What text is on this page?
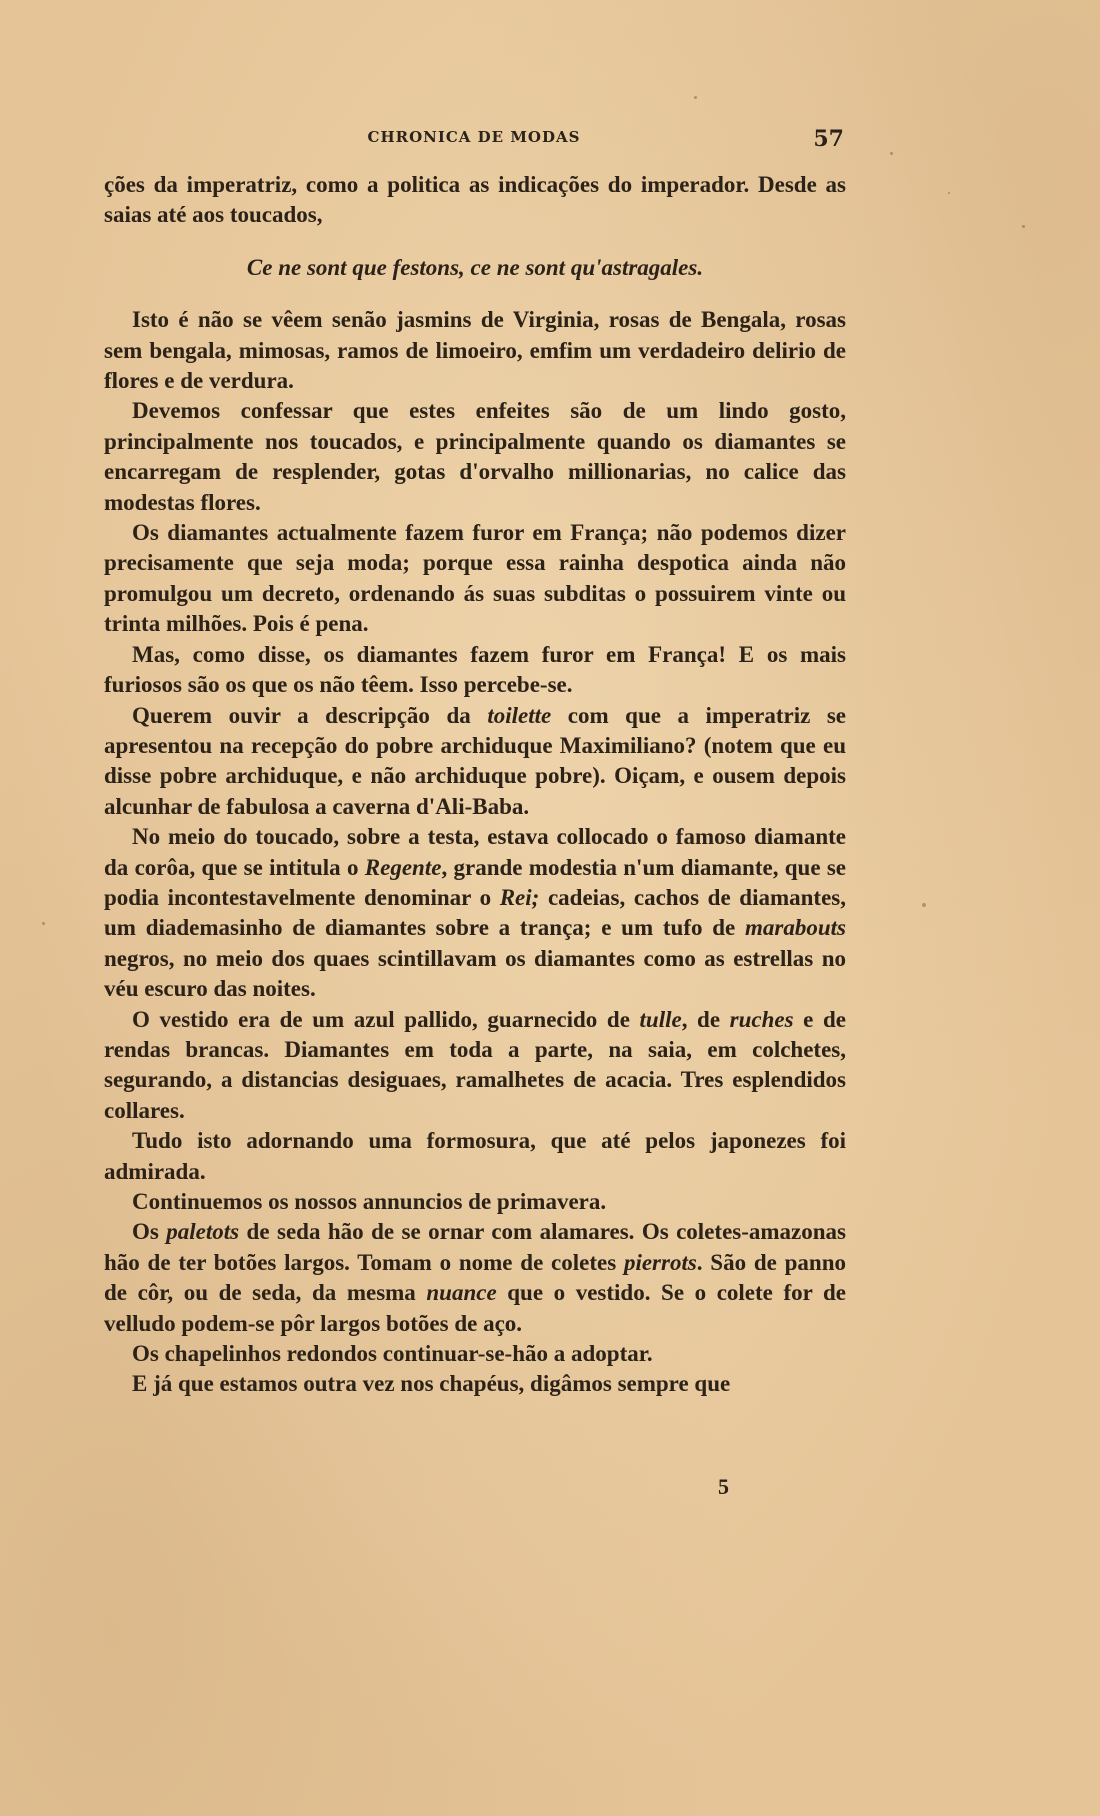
CHRONICA DE MODAS	57

ções da imperatriz, como a politica as indicações do imperador. Desde as saias até aos toucados,

Ce ne sont que festons, ce ne sont qu'astragales.

Isto é não se vêem senão jasmins de Virginia, rosas de Bengala, rosas sem bengala, mimosas, ramos de limoeiro, emfim um verdadeiro delirio de flores e de verdura.

Devemos confessar que estes enfeites são de um lindo gosto, principalmente nos toucados, e principalmente quando os diamantes se encarregam de resplender, gotas d'orvalho millionarias, no calice das modestas flores.

Os diamantes actualmente fazem furor em França; não podemos dizer precisamente que seja moda; porque essa rainha despotica ainda não promulgou um decreto, ordenando ás suas subditas o possuirem vinte ou trinta milhões. Pois é pena.

Mas, como disse, os diamantes fazem furor em França! E os mais furiosos são os que os não têem. Isso percebe-se.

Querem ouvir a descripção da toilette com que a imperatriz se apresentou na recepção do pobre archiduque Maximiliano? (notem que eu disse pobre archiduque, e não archiduque pobre). Oiçam, e ousem depois alcunhar de fabulosa a caverna d'Ali-Baba.

No meio do toucado, sobre a testa, estava collocado o famoso diamante da corôa, que se intitula o Regente, grande modestia n'um diamante, que se podia incontestavelmente denominar o Rei; cadeias, cachos de diamantes, um diademasinho de diamantes sobre a trança; e um tufo de marabouts negros, no meio dos quaes scintillavam os diamantes como as estrellas no véu escuro das noites.

O vestido era de um azul pallido, guarnecido de tulle, de ruches e de rendas brancas. Diamantes em toda a parte, na saia, em colchetes, segurando, a distancias desiguaes, ramalhetes de acacia. Tres esplendidos collares.

Tudo isto adornando uma formosura, que até pelos japonezes foi admirada.

Continuemos os nossos annuncios de primavera.

Os paletots de seda hão de se ornar com alamares. Os coletes-amazonas hão de ter botões largos. Tomam o nome de coletes pierrots. São de panno de côr, ou de seda, da mesma nuance que o vestido. Se o colete for de velludo podem-se pôr largos botões de aço.

Os chapelinhos redondos continuar-se-hão a adoptar.

E já que estamos outra vez nos chapéus, digâmos sempre que

5
